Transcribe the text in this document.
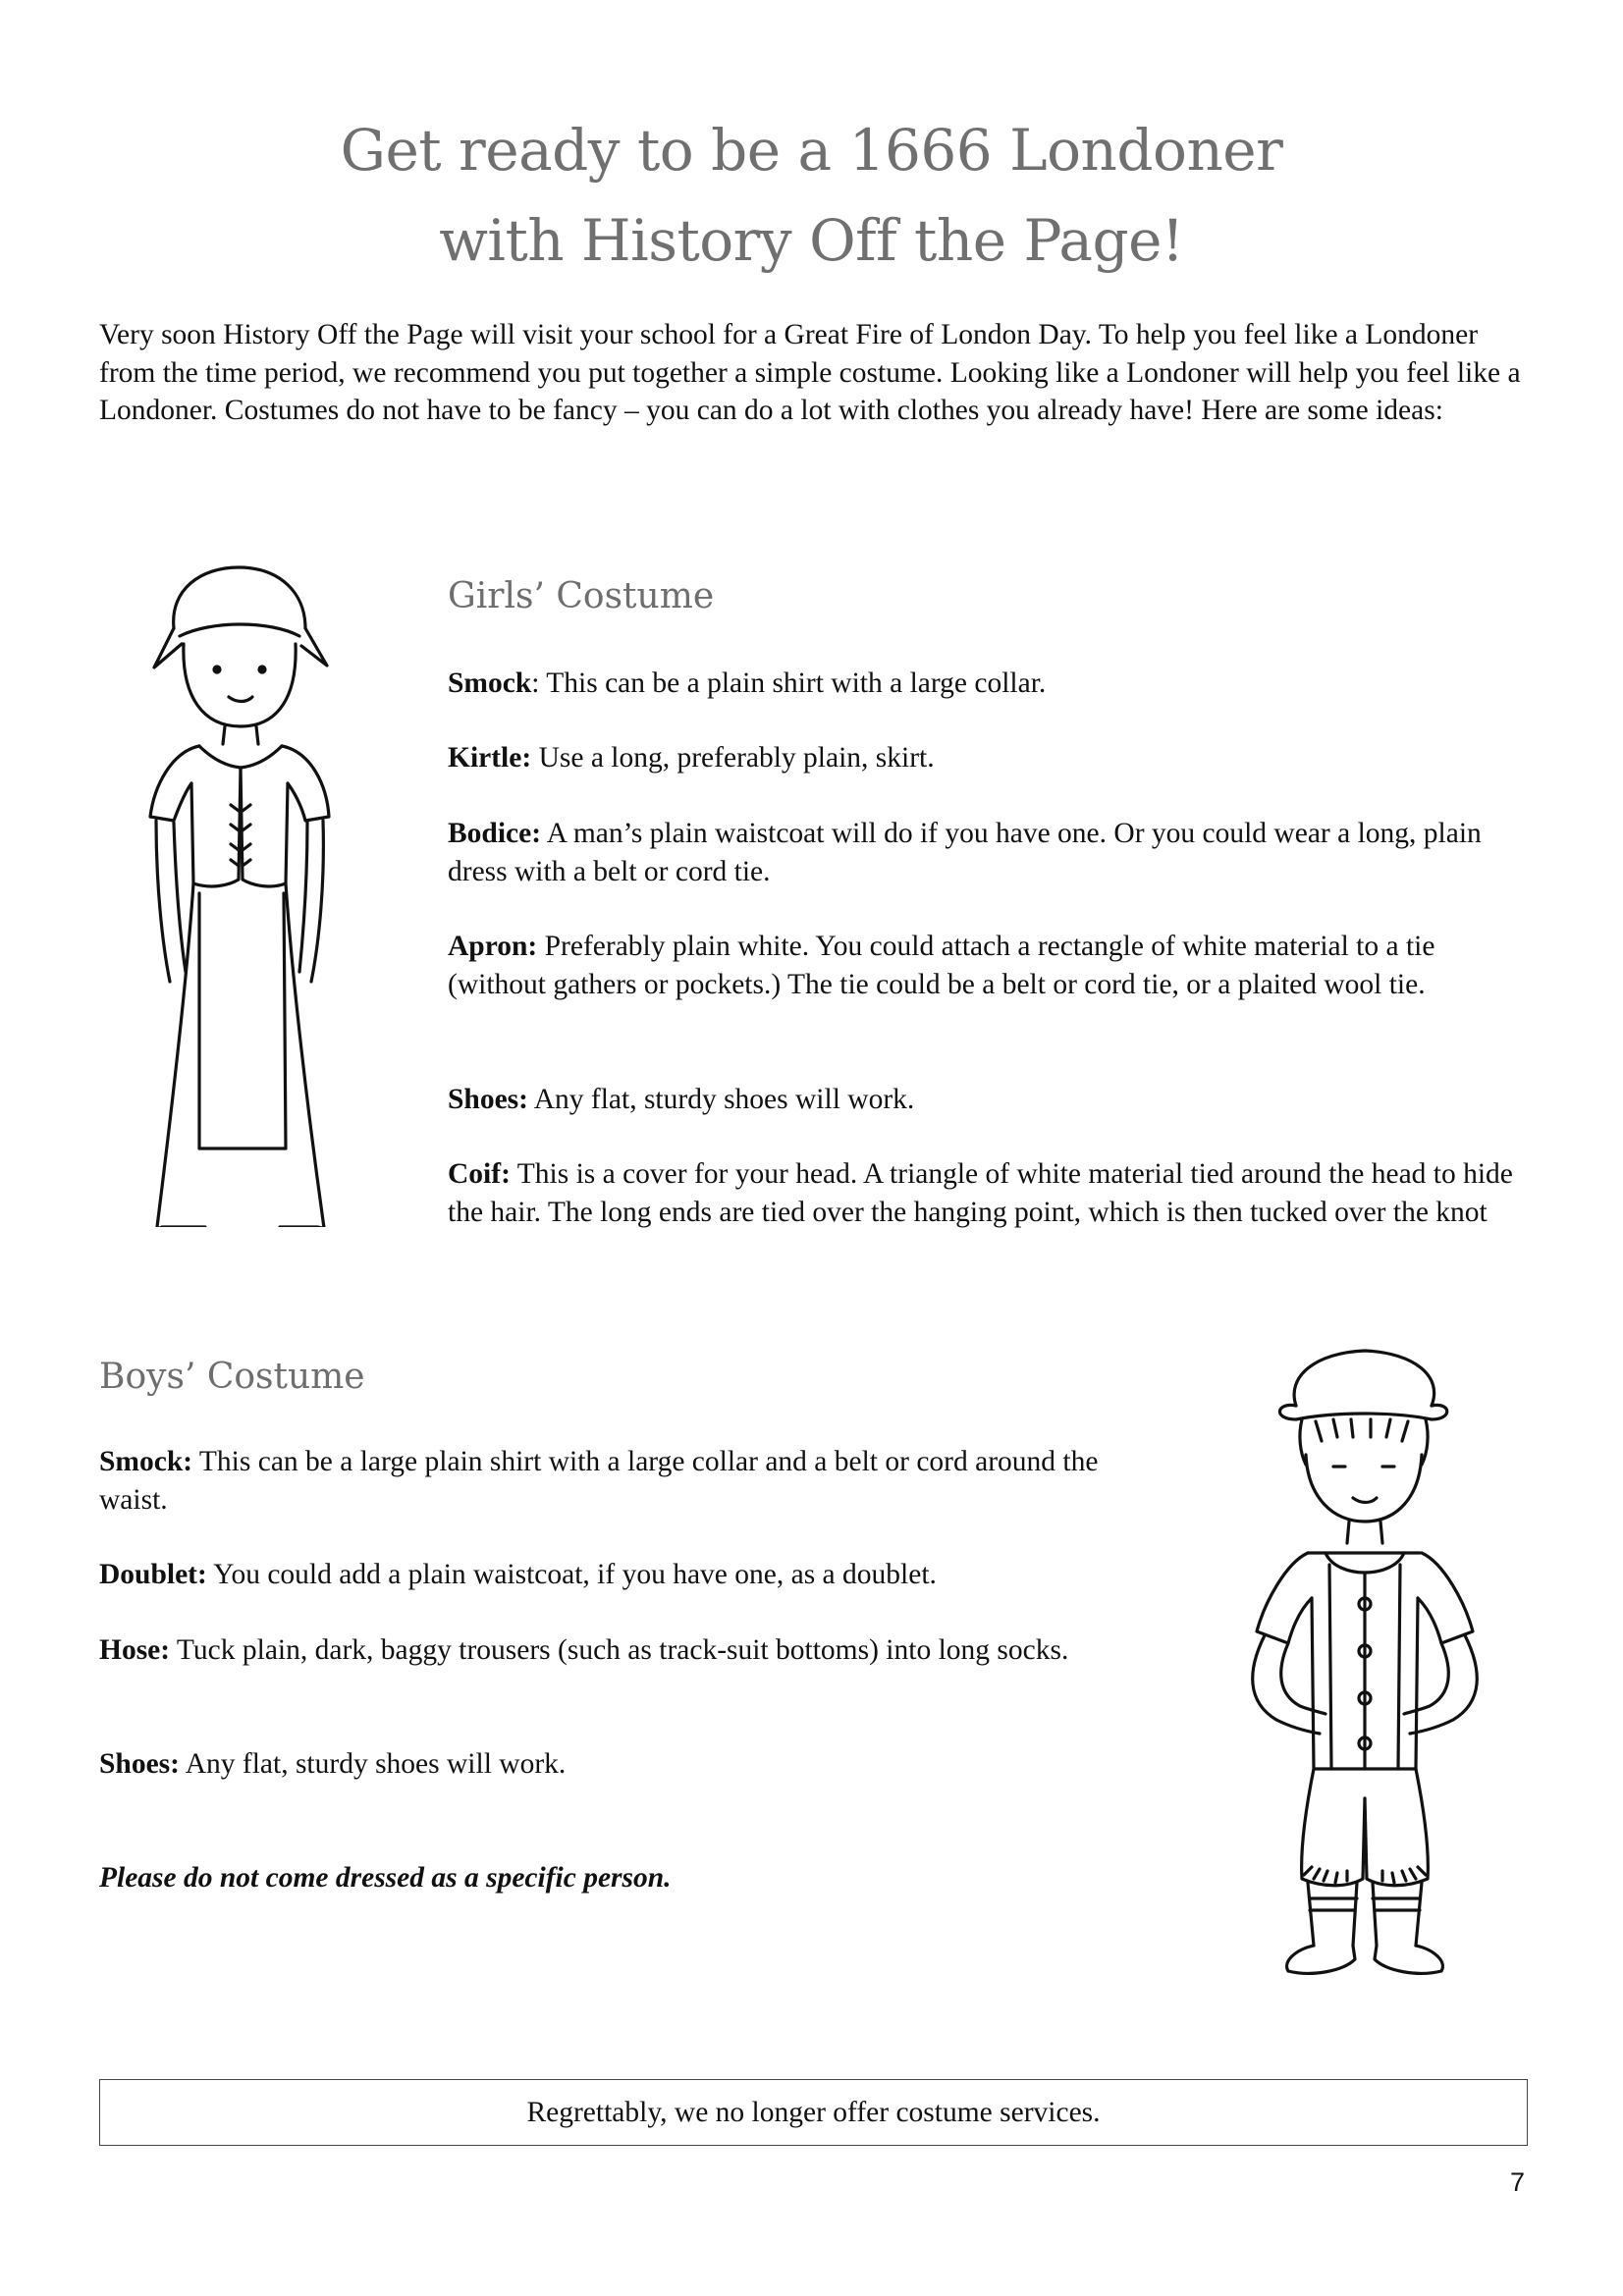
Get ready to be a 1666 Londoner
with History Off the Page!
Very soon History Off the Page will visit your school for a Great Fire of London Day. To help you feel like a Londoner from the time period, we recommend you put together a simple costume. Looking like a Londoner will help you feel like a Londoner. Costumes do not have to be fancy – you can do a lot with clothes you already have! Here are some ideas:
Girls’ Costume
Smock: This can be a plain shirt with a large collar.
Kirtle: Use a long, preferably plain, skirt.
Bodice: A man’s plain waistcoat will do if you have one. Or you could wear a long, plain dress with a belt or cord tie.
Apron: Preferably plain white. You could attach a rectangle of white material to a tie (without gathers or pockets.) The tie could be a belt or cord tie, or a plaited wool tie.
Shoes: Any flat, sturdy shoes will work.
Coif: This is a cover for your head. A triangle of white material tied around the head to hide the hair. The long ends are tied over the hanging point, which is then tucked over the knot
Boys’ Costume
Smock: This can be a large plain shirt with a large collar and a belt or cord around the waist.
Doublet: You could add a plain waistcoat, if you have one, as a doublet.
Hose: Tuck plain, dark, baggy trousers (such as track-suit bottoms) into long socks.
Shoes: Any flat, sturdy shoes will work.
Please do not come dressed as a specific person.
Regrettably, we no longer offer costume services.
7
